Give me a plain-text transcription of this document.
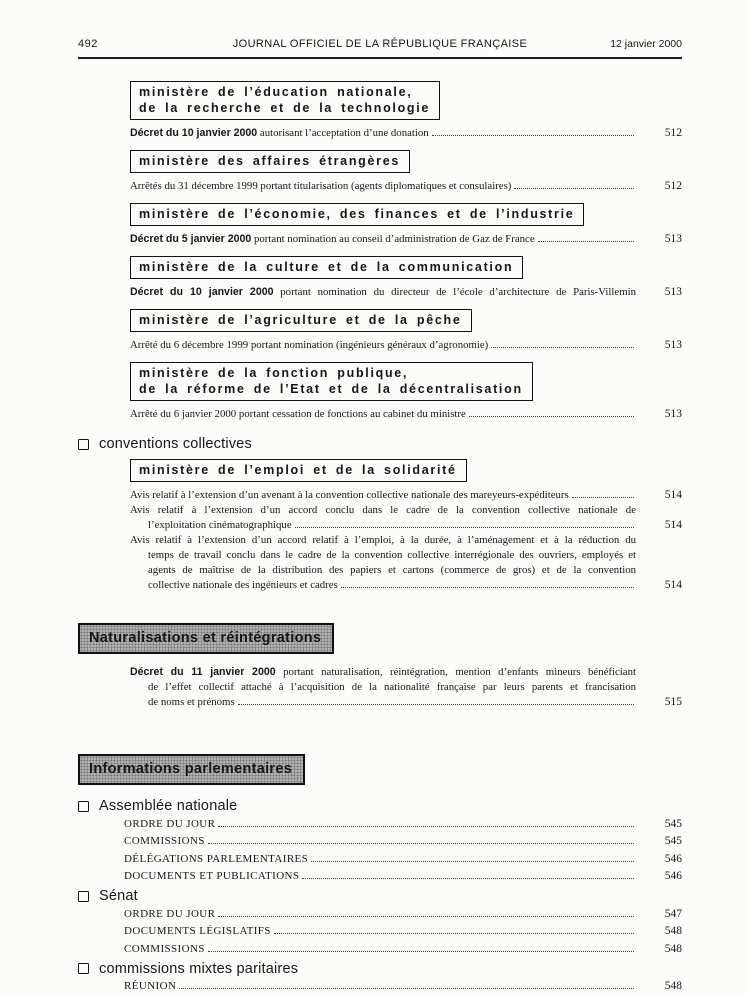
492	JOURNAL OFFICIEL DE LA RÉPUBLIQUE FRANÇAISE	12 janvier 2000
ministère de l’éducation nationale,
de la recherche et de la technologie
Décret du 10 janvier 2000 autorisant l’acceptation d’une donation	512
ministère des affaires étrangères
Arrêtés du 31 décembre 1999 portant titularisation (agents diplomatiques et consulaires)	512
ministère de l’économie, des finances et de l’industrie
Décret du 5 janvier 2000 portant nomination au conseil d’administration de Gaz de France	513
ministère de la culture et de la communication
Décret du 10 janvier 2000 portant nomination du directeur de l’école d’architecture de Paris-Villemin	513
ministère de l’agriculture et de la pêche
Arrêté du 6 décembre 1999 portant nomination (ingénieurs généraux d’agronomie)	513
ministère de la fonction publique,
de la réforme de l’Etat et de la décentralisation
Arrêté du 6 janvier 2000 portant cessation de fonctions au cabinet du ministre	513
conventions collectives
ministère de l’emploi et de la solidarité
Avis relatif à l’extension d’un avenant à la convention collective nationale des mareyeurs-expéditeurs	514
Avis relatif à l’extension d’un accord conclu dans le cadre de la convention collective nationale de
l’exploitation cinématographique	514
Avis relatif à l’extension d’un accord relatif à l’emploi, à la durée, à l’aménagement et à la réduction du
temps de travail conclu dans le cadre de la convention collective interrégionale des ouvriers, employés et
agents de maîtrise de la distribution des papiers et cartons (commerce de gros) et de la convention
collective nationale des ingénieurs et cadres	514
Naturalisations et réintégrations
Décret du 11 janvier 2000 portant naturalisation, réintégration, mention d’enfants mineurs bénéficiant
de l’effet collectif attaché à l’acquisition de la nationalité française par leurs parents et francisation
de noms et prénoms	515
Informations parlementaires
Assemblée nationale
ORDRE DU JOUR	545
COMMISSIONS	545
DÉLÉGATIONS PARLEMENTAIRES	546
DOCUMENTS ET PUBLICATIONS	546
Sénat
ORDRE DU JOUR	547
DOCUMENTS LÉGISLATIFS	548
COMMISSIONS	548
commissions mixtes paritaires
RÉUNION	548
